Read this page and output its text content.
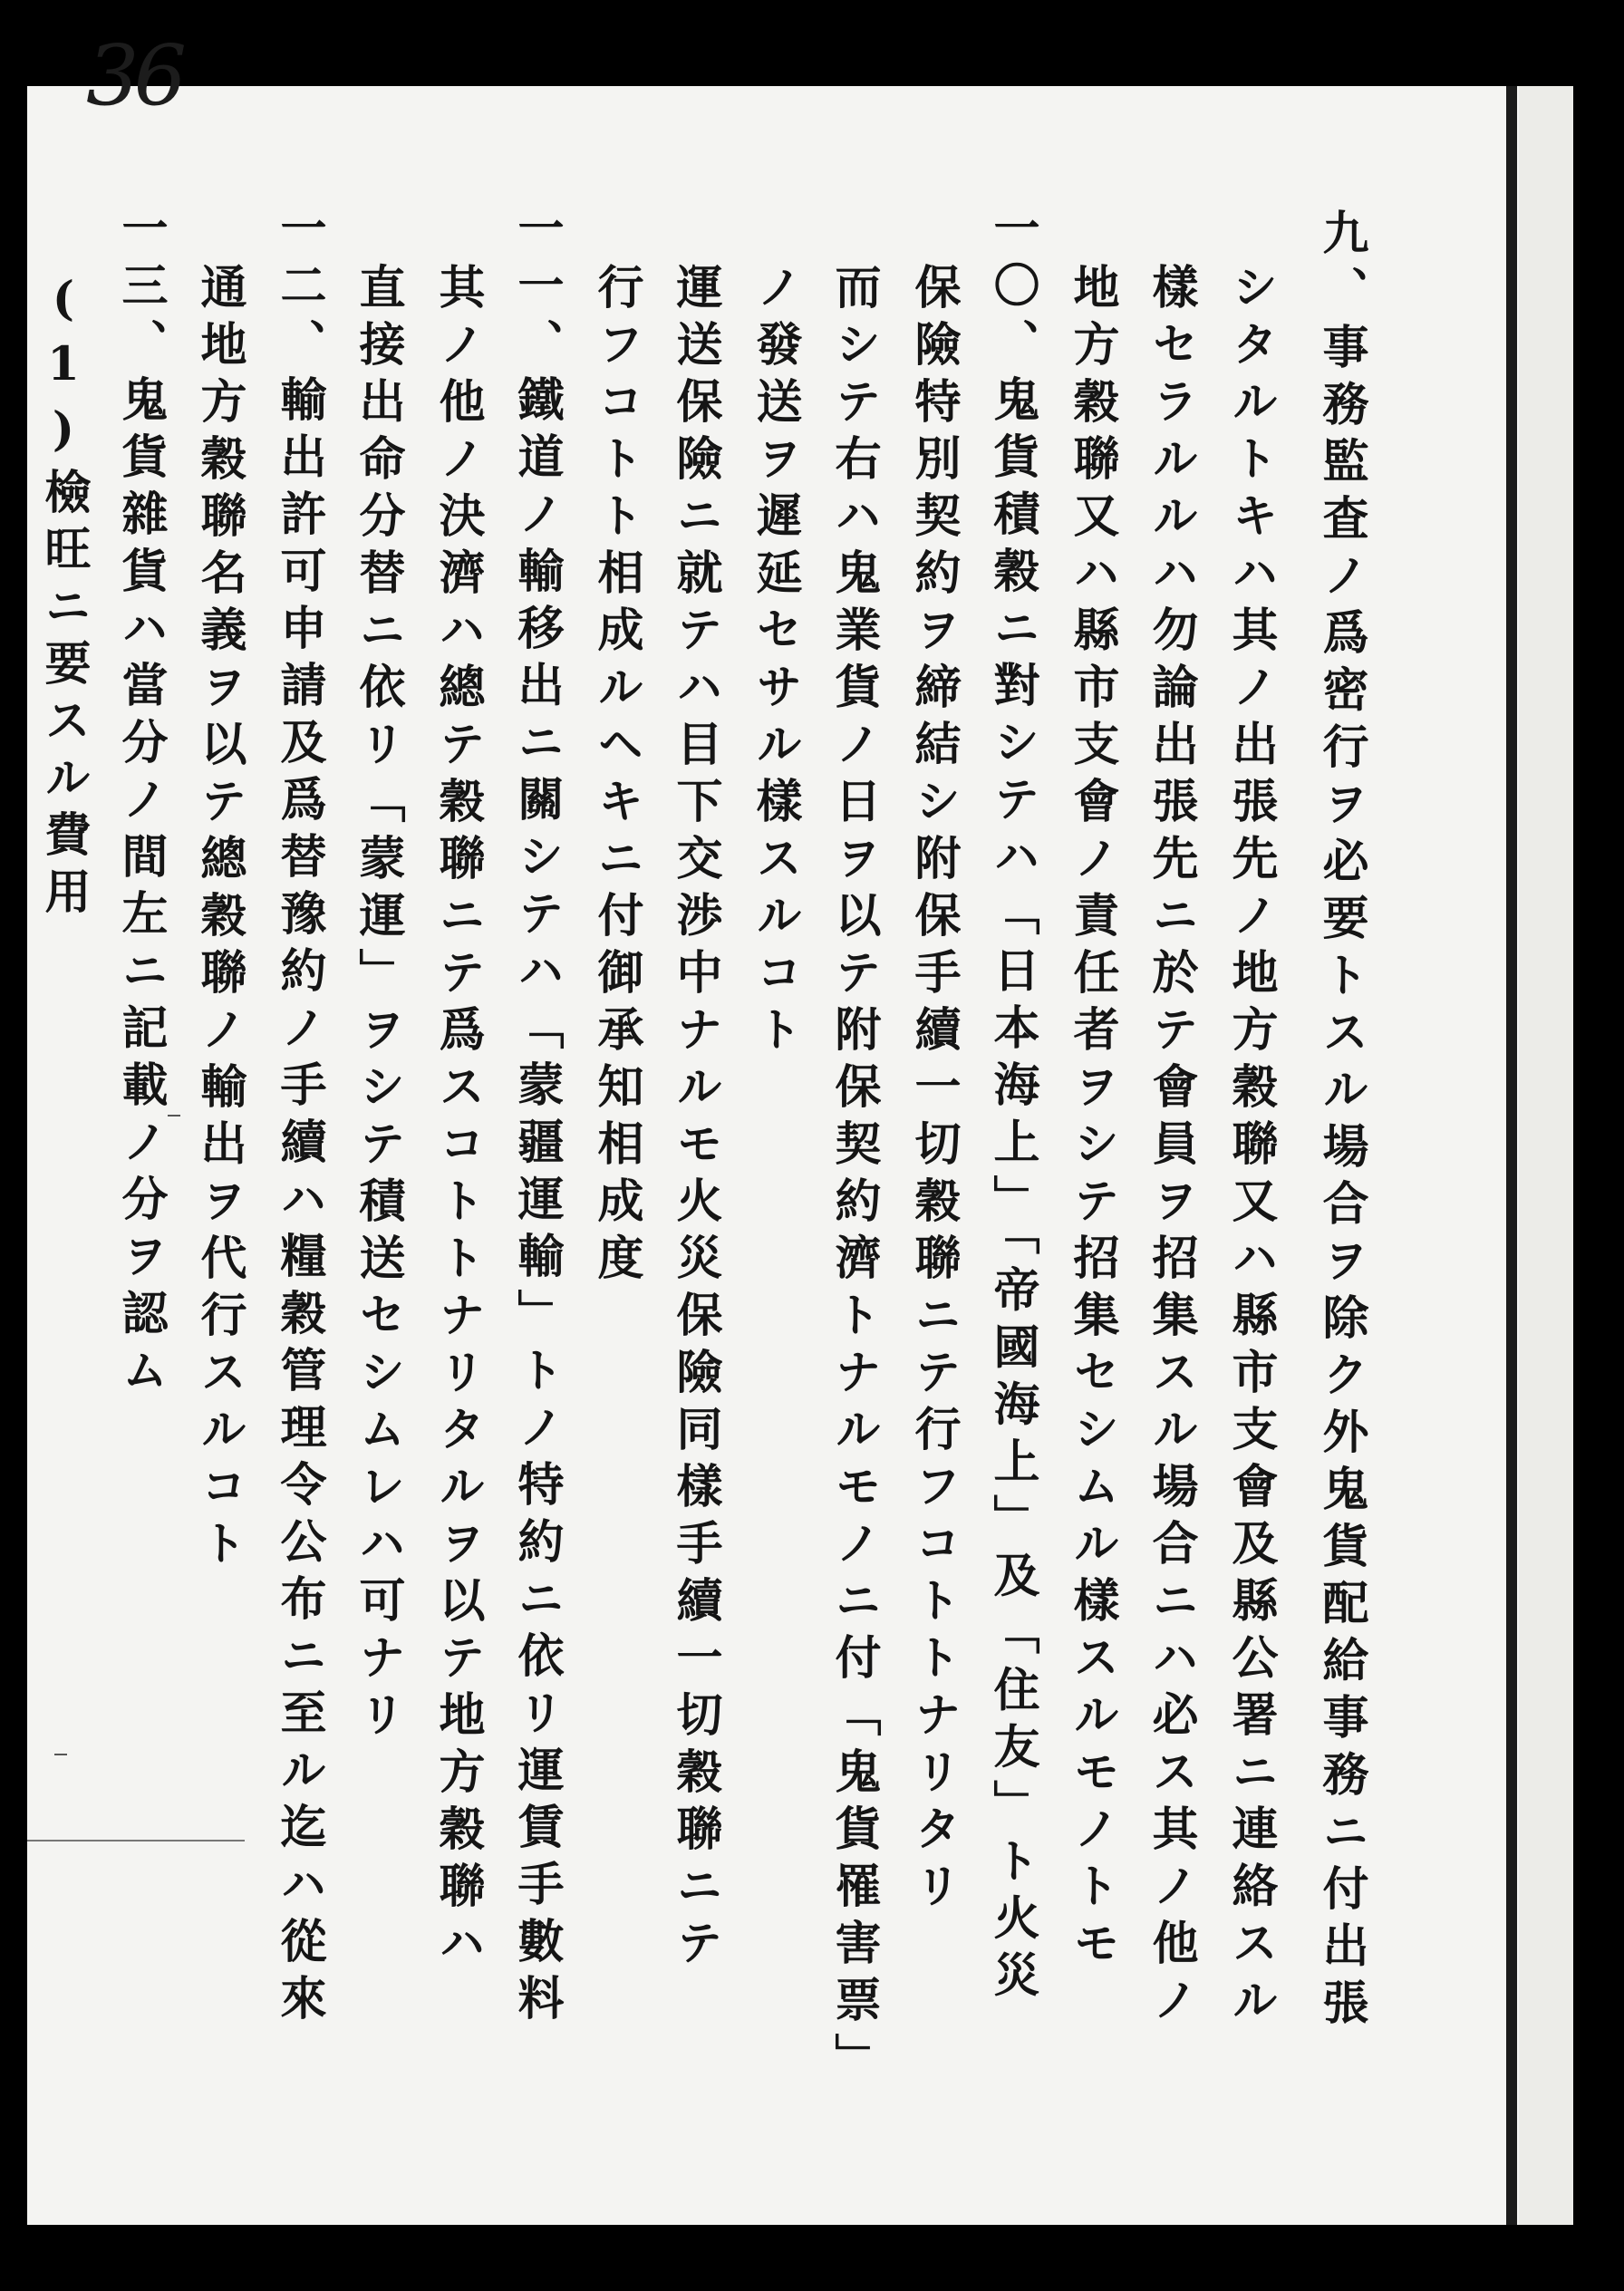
36
九、事務監査ノ爲密行ヲ必要トスル場合ヲ除ク外鬼貨配給事務ニ付出張
シタルトキハ其ノ出張先ノ地方穀聯又ハ縣市支會及縣公署ニ連絡スル
樣セラルルハ勿論出張先ニ於テ會員ヲ招集スル場合ニハ必ス其ノ他ノ
地方穀聯又ハ縣市支會ノ責任者ヲシテ招集セシムル樣スルモノトモ
一〇、鬼貨積穀ニ對シテハ「日本海上」「帝國海上」及「住友」ト火災
保險特別契約ヲ締結シ附保手續一切穀聯ニテ行フコトトナリタリ
而シテ右ハ鬼業貨ノ日ヲ以テ附保契約濟トナルモノニ付「鬼貨罹害票」
ノ發送ヲ遲延セサル樣スルコト
運送保險ニ就テハ目下交渉中ナルモ火災保險同樣手續一切穀聯ニテ
行フコトト相成ルヘキニ付御承知相成度
一一、鐵道ノ輸移出ニ關シテハ「蒙疆運輸」トノ特約ニ依リ運賃手數料
其ノ他ノ決濟ハ總テ穀聯ニテ爲スコトトナリタルヲ以テ地方穀聯ハ
直接出命分替ニ依リ「蒙運」ヲシテ積送セシムレハ可ナリ
一二、輸出許可申請及爲替豫約ノ手續ハ糧穀管理令公布ニ至ル迄ハ從來
通地方穀聯名義ヲ以テ總穀聯ノ輸出ヲ代行スルコト
一三、鬼貨雜貨ハ當分ノ間左ニ記載ノ分ヲ認ム
(1)檢旺ニ要スル費用
